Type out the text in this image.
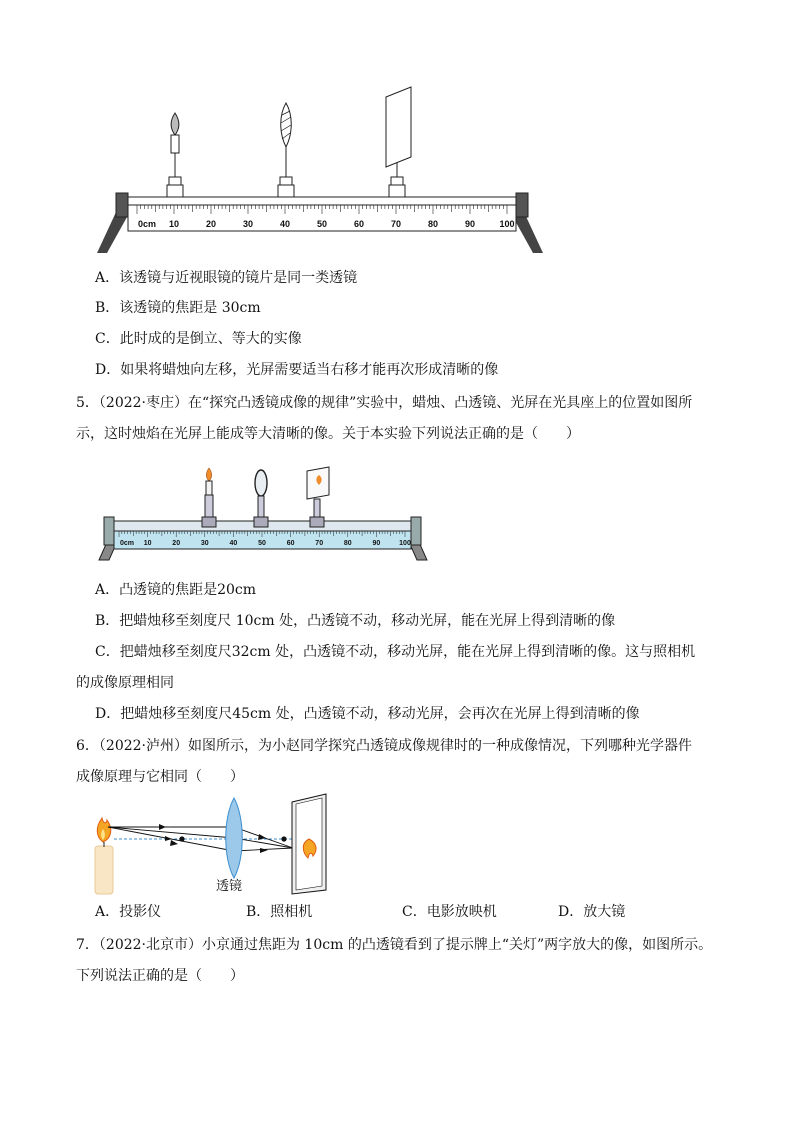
0cm 10	20	30	40	50	60	70	80	90	100
A．该透镜与近视眼镜的镜片是同一类透镜
B．该透镜的焦距是 30cm
C．此时成的是倒立、等大的实像
D．如果将蜡烛向左移，光屏需要适当右移才能再次形成清晰的像
5．（2022·枣庄）在“探究凸透镜成像的规律”实验中，蜡烛、凸透镜、光屏在光具座上的位置如图所
示，这时烛焰在光屏上能成等大清晰的像。关于本实验下列说法正确的是（　　）
0cm 10	20	30	40	50	60	70	80	90	100
A．凸透镜的焦距是20cm
B．把蜡烛移至刻度尺 10cm 处，凸透镜不动，移动光屏，能在光屏上得到清晰的像
C．把蜡烛移至刻度尺32cm 处，凸透镜不动，移动光屏，能在光屏上得到清晰的像。这与照相机
的成像原理相同
D．把蜡烛移至刻度尺45cm 处，凸透镜不动，移动光屏，会再次在光屏上得到清晰的像
6．（2022·泸州）如图所示，为小赵同学探究凸透镜成像规律时的一种成像情况，下列哪种光学器件
成像原理与它相同（　　）
透镜
A．投影仪	B．照相机	C．电影放映机	D．放大镜
7．（2022·北京市）小京通过焦距为 10cm 的凸透镜看到了提示牌上“关灯”两字放大的像，如图所示。
下列说法正确的是（　　）
